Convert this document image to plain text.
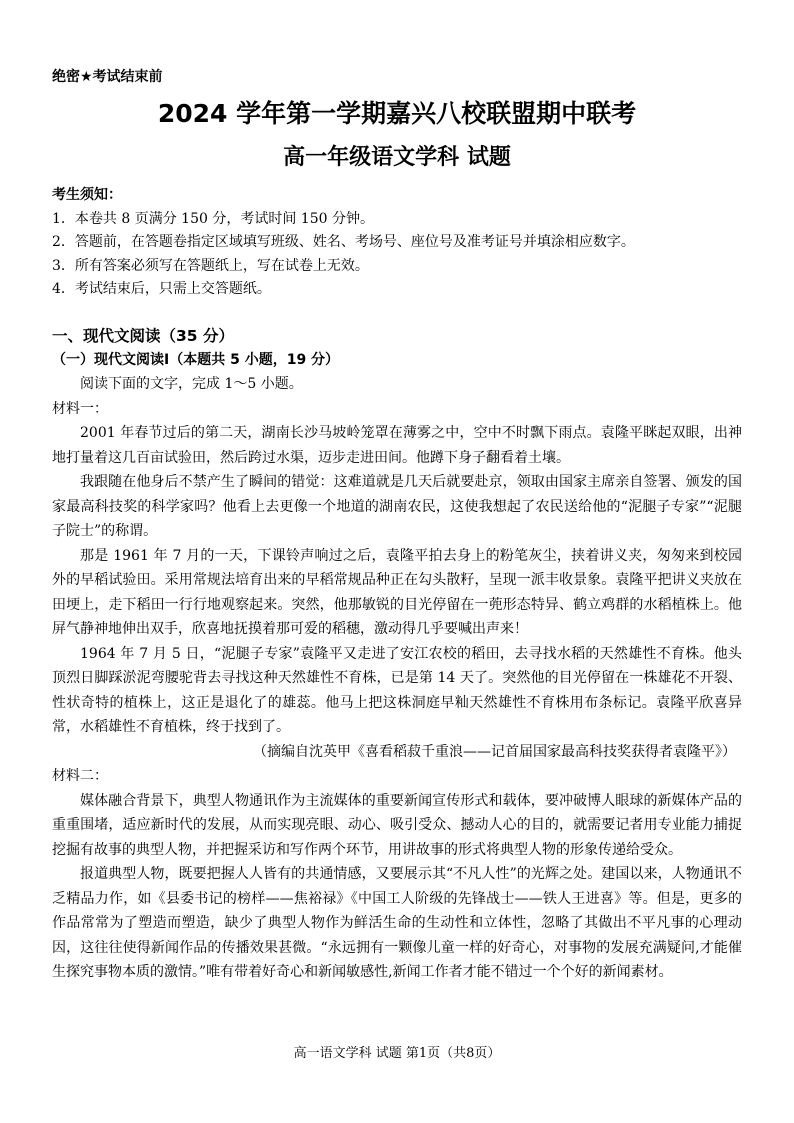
绝密★考试结束前
2024 学年第一学期嘉兴八校联盟期中联考
高一年级语文学科 试题
考生须知：
1．本卷共 8 页满分 150 分，考试时间 150 分钟。
2．答题前，在答题卷指定区域填写班级、姓名、考场号、座位号及准考证号并填涂相应数字。
3．所有答案必须写在答题纸上，写在试卷上无效。
4．考试结束后，只需上交答题纸。
一、现代文阅读（35 分）
（一）现代文阅读Ⅰ（本题共 5 小题，19 分）

阅读下面的文字，完成 1～5 小题。

材料一：

2001 年春节过后的第二天，湖南长沙马坡岭笼罩在薄雾之中，空中不时飘下雨点。袁隆平眯起双眼，出神地打量着这几百亩试验田，然后跨过水渠，迈步走进田间。他蹲下身子翻看着土壤。

我跟随在他身后不禁产生了瞬间的错觉：这难道就是几天后就要赴京，领取由国家主席亲自签署、颁发的国家最高科技奖的科学家吗？他看上去更像一个地道的湖南农民，这使我想起了农民送给他的“泥腿子专家”“泥腿子院士”的称谓。

那是 1961 年 7 月的一天，下课铃声响过之后，袁隆平拍去身上的粉笔灰尘，挟着讲义夹，匆匆来到校园外的早稻试验田。采用常规法培育出来的早稻常规品种正在勾头散籽，呈现一派丰收景象。袁隆平把讲义夹放在田埂上，走下稻田一行行地观察起来。突然，他那敏锐的目光停留在一蔸形态特异、鹤立鸡群的水稻植株上。他屏气静神地伸出双手，欣喜地抚摸着那可爱的稻穗，激动得几乎要喊出声来！

1964 年 7 月 5 日，“泥腿子专家”袁隆平又走进了安江农校的稻田，去寻找水稻的天然雄性不育株。他头顶烈日脚踩淤泥弯腰驼背去寻找这种天然雄性不育株，已是第 14 天了。突然他的目光停留在一株雄花不开裂、性状奇特的植株上，这正是退化了的雄蕊。他马上把这株洞庭早籼天然雄性不育株用布条标记。袁隆平欣喜异常，水稻雄性不育植株，终于找到了。

（摘编自沈英甲《喜看稻菽千重浪——记首届国家最高科技奖获得者袁隆平》）

材料二：

媒体融合背景下，典型人物通讯作为主流媒体的重要新闻宣传形式和载体，要冲破博人眼球的新媒体产品的重重围堵，适应新时代的发展，从而实现亮眼、动心、吸引受众、撼动人心的目的，就需要记者用专业能力捕捉挖掘有故事的典型人物，并把握采访和写作两个环节，用讲故事的形式将典型人物的形象传递给受众。

报道典型人物，既要把握人人皆有的共通情感，又要展示其“不凡人性”的光辉之处。建国以来，人物通讯不乏精品力作，如《县委书记的榜样——焦裕禄》《中国工人阶级的先锋战士——铁人王进喜》等。但是，更多的作品常常为了塑造而塑造，缺少了典型人物作为鲜活生命的生动性和立体性，忽略了其做出不平凡事的心理动因，这往往使得新闻作品的传播效果甚微。“永远拥有一颗像儿童一样的好奇心，对事物的发展充满疑问,才能催生探究事物本质的激情。”唯有带着好奇心和新闻敏感性,新闻工作者才能不错过一个个好的新闻素材。

高一语文学科 试题 第1页（共8页）
